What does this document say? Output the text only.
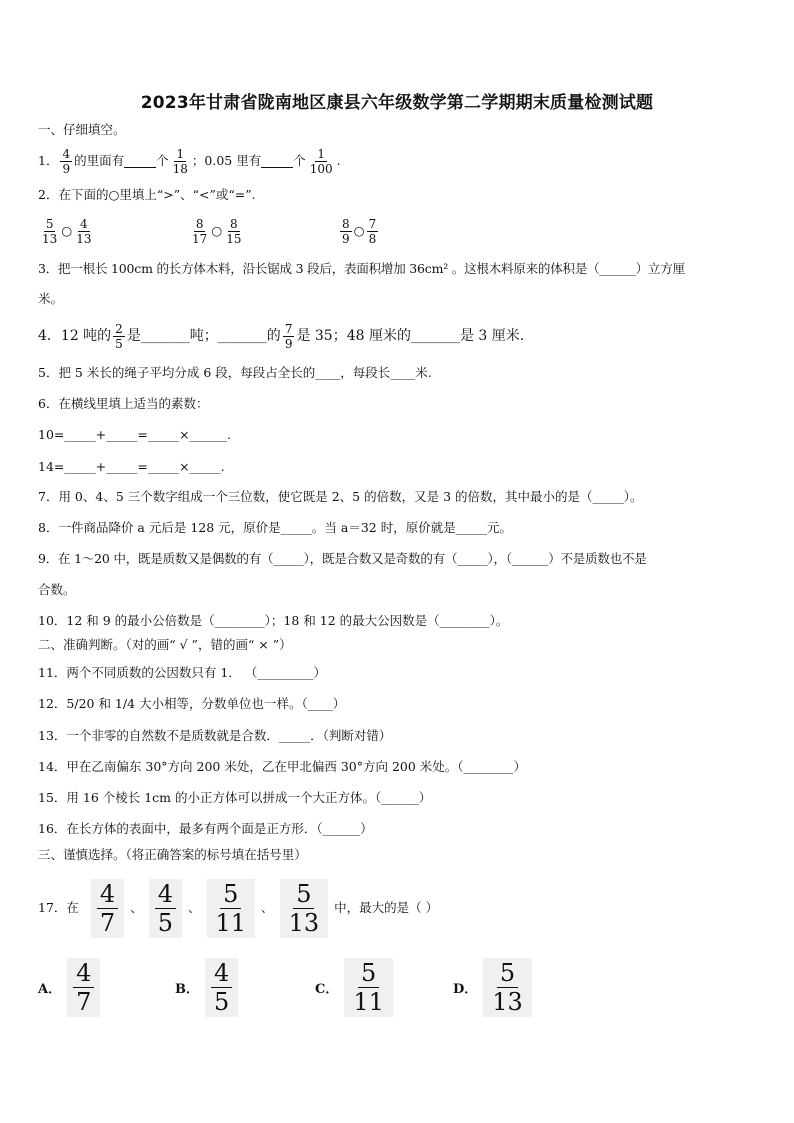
2023年甘肃省陇南地区康县六年级数学第二学期期末质量检测试题
一、仔细填空。
1． $\frac{4}{9}$ 的里面有	个 $\frac{1}{18}$ ；0.05 里有	个 $\frac{1}{100}$ .
2．在下面的○里填上“>”、“<”或“=”.
$\frac{5}{13}$ ○ $\frac{4}{13}$	$\frac{8}{17}$ ○ $\frac{8}{15}$	$\frac{8}{9}$ ○ $\frac{7}{8}$
3．把一根长 100cm 的长方体木料，沿长锯成 3 段后，表面积增加 36cm² 。这根木料原来的体积是（______）立方厘
米。
4．12 吨的 $\frac{2}{5}$ 是_______吨；_______的 $\frac{7}{9}$ 是 35；48 厘米的_______是 3 厘米.
5．把 5 米长的绳子平均分成 6 段，每段占全长的____，每段长____米.
6．在横线里填上适当的素数：
10=_____+_____=_____×______.
14=_____+_____=_____×_____.
7．用 0、4、5 三个数字组成一个三位数，使它既是 2、5 的倍数，又是 3 的倍数，其中最小的是（_____）。
8．一件商品降价 a 元后是 128 元，原价是_____。当 a＝32 时，原价就是_____元。
9．在 1～20 中，既是质数又是偶数的有（_____），既是合数又是奇数的有（_____），（______）不是质数也不是
合数。
10．12 和 9 的最小公倍数是（________）；18 和 12 的最大公因数是（________）。
二、准确判断。（对的画“ √ ”，错的画“ × ”）
11．两个不同质数的公因数只有 1． （_________）
12．5/20 和 1/4 大小相等，分数单位也一样。（____）
13．一个非零的自然数不是质数就是合数．_____．（判断对错）
14．甲在乙南偏东 30°方向 200 米处，乙在甲北偏西 30°方向 200 米处。（________）
15．用 16 个棱长 1cm 的小正方体可以拼成一个大正方体。（______）
16．在长方体的表面中，最多有两个面是正方形．（______）
三、谨慎选择。（将正确答案的标号填在括号里）
17．在 $\frac{4}{7}$ 、 $\frac{4}{5}$ 、 $\frac{5}{11}$ 、 $\frac{5}{13}$ 中，最大的是（ ）
A． $\frac{4}{7}$	B． $\frac{4}{5}$	C． $\frac{5}{11}$	D． $\frac{5}{13}$
